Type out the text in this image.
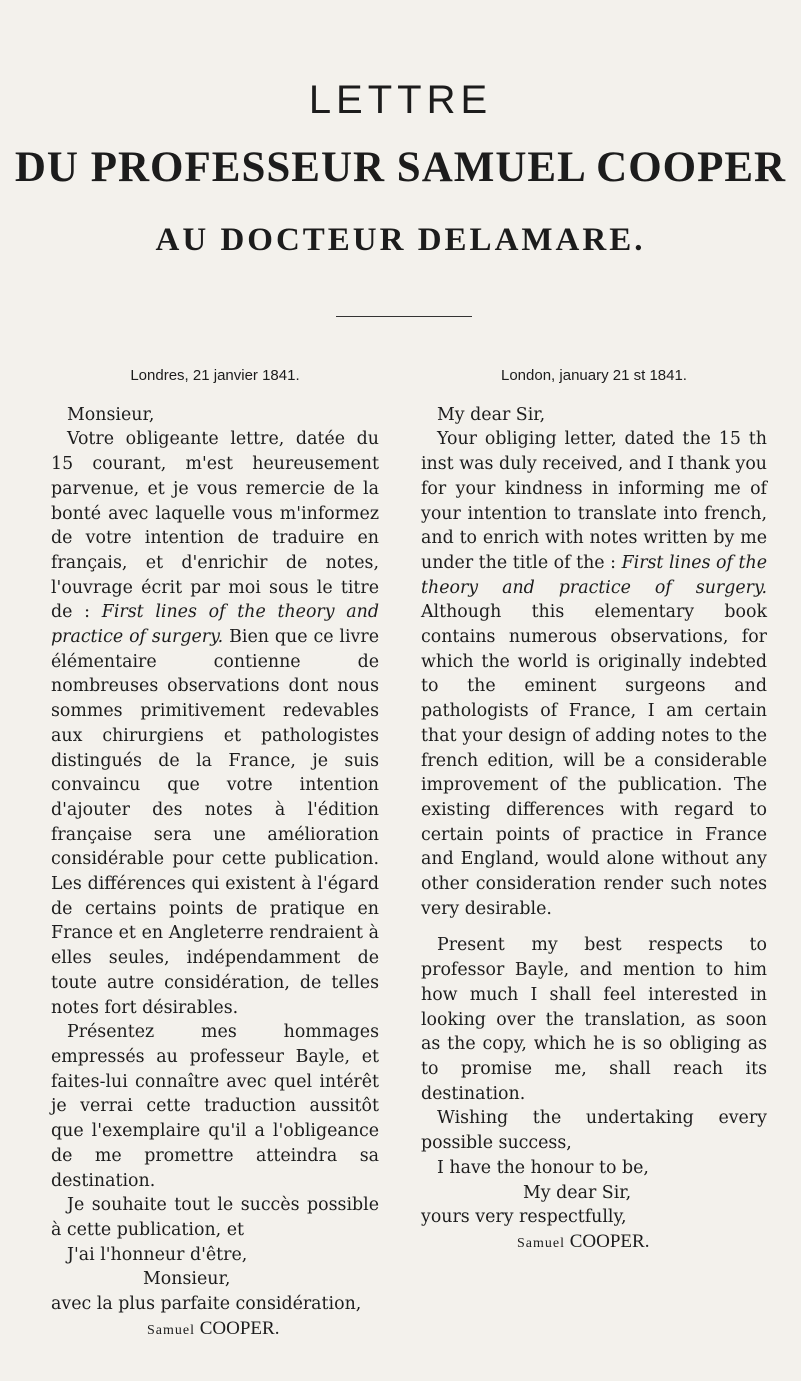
LETTRE
DU PROFESSEUR SAMUEL COOPER
AU DOCTEUR DELAMARE.

Londres, 21 janvier 1841.

Monsieur,

Votre obligeante lettre, datée du 15 courant, m'est heureusement parvenue, et je vous remercie de la bonté avec laquelle vous m'informez de votre intention de traduire en français, et d'enrichir de notes, l'ouvrage écrit par moi sous le titre de : First lines of the theory and practice of surgery. Bien que ce livre élémentaire contienne de nombreuses observations dont nous sommes primitivement redevables aux chirurgiens et pathologistes distingués de la France, je suis convaincu que votre intention d'ajouter des notes à l'édition française sera une amélioration considérable pour cette publication. Les différences qui existent à l'égard de certains points de pratique en France et en Angleterre rendraient à elles seules, indépendamment de toute autre considération, de telles notes fort désirables.

Présentez mes hommages empressés au professeur Bayle, et faites-lui connaître avec quel intérêt je verrai cette traduction aussitôt que l'exemplaire qu'il a l'obligeance de me promettre atteindra sa destination.

Je souhaite tout le succès possible à cette publication, et

J'ai l'honneur d'être,

Monsieur,

avec la plus parfaite considération,

Samuel COOPER.

London, january 21 st 1841.

My dear Sir,

Your obliging letter, dated the 15 th inst was duly received, and I thank you for your kindness in informing me of your intention to translate into french, and to enrich with notes written by me under the title of the : First lines of the theory and practice of surgery. Although this elementary book contains numerous observations, for which the world is originally indebted to the eminent surgeons and pathologists of France, I am certain that your design of adding notes to the french edition, will be a considerable improvement of the publication. The existing differences with regard to certain points of practice in France and England, would alone without any other consideration render such notes very desirable.

Present my best respects to professor Bayle, and mention to him how much I shall feel interested in looking over the translation, as soon as the copy, which he is so obliging as to promise me, shall reach its destination.

Wishing the undertaking every possible success,

I have the honour to be,

My dear Sir,

yours very respectfully,

Samuel COOPER.
